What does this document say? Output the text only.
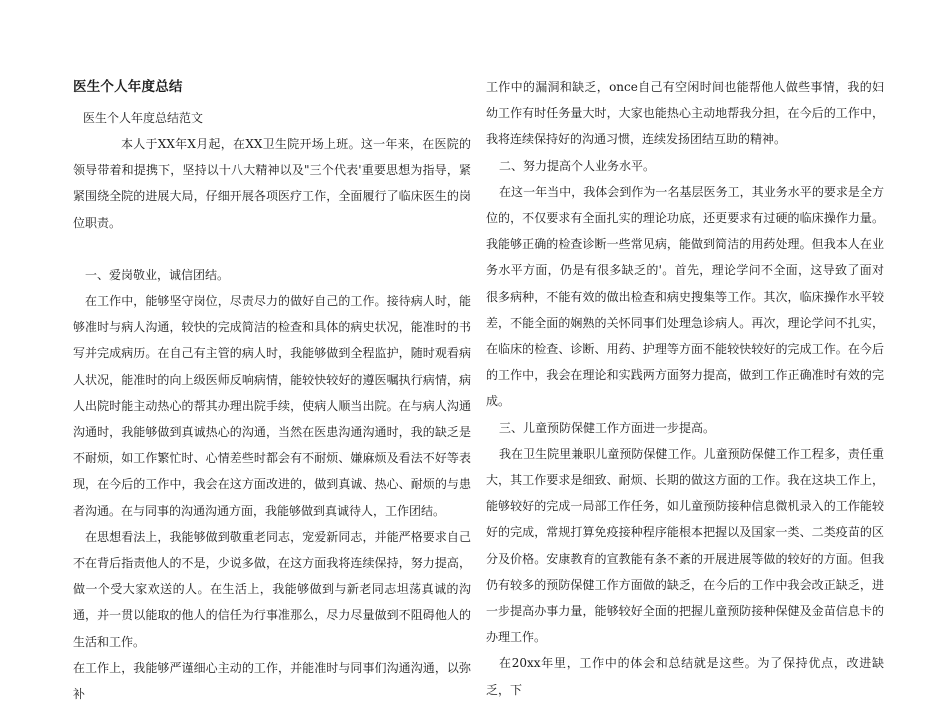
医生个人年度总结

医生个人年度总结范文

本人于XX年X月起，在XX卫生院开场上班。这一年来，在医院的领导带着和提携下，坚持以十八大精神以及"三个代表'重要思想为指导，紧紧围绕全院的进展大局，仔细开展各项医疗工作，全面履行了临床医生的岗位职责。

一、爱岗敬业，诚信团结。

在工作中，能够坚守岗位，尽责尽力的做好自己的工作。接待病人时，能够准时与病人沟通，较快的完成简洁的检查和具体的病史状况，能准时的书写并完成病历。在自己有主管的病人时，我能够做到全程监护，随时观看病人状况，能准时的向上级医师反响病情，能较快较好的遵医嘱执行病情，病人出院时能主动热心的帮其办理出院手续，使病人顺当出院。在与病人沟通沟通时，我能够做到真诚热心的沟通，当然在医患沟通沟通时，我的缺乏是不耐烦，如工作繁忙时、心情差些时都会有不耐烦、嫌麻烦及看法不好等表现，在今后的工作中，我会在这方面改进的，做到真诚、热心、耐烦的与患者沟通。在与同事的沟通沟通方面，我能够做到真诚待人，工作团结。

在思想看法上，我能够做到敬重老同志，宠爱新同志，并能严格要求自己不在背后指责他人的不是，少说多做，在这方面我将连续保持，努力提高，做一个受大家欢送的人。在生活上，我能够做到与新老同志坦荡真诚的沟通，并一贯以能取的他人的信任为行事准那么，尽力尽量做到不阻碍他人的生活和工作。

在工作上，我能够严谨细心主动的工作，并能准时与同事们沟通沟通，以弥补

工作中的漏洞和缺乏，once自己有空闲时间也能帮他人做些事情，我的妇幼工作有时任务量大时，大家也能热心主动地帮我分担，在今后的工作中，我将连续保持好的沟通习惯，连续发扬团结互助的精神。

二、努力提高个人业务水平。

在这一年当中，我体会到作为一名基层医务工，其业务水平的要求是全方位的，不仅要求有全面扎实的理论功底，还更要求有过硬的临床操作力量。我能够正确的检查诊断一些常见病，能做到简洁的用药处理。但我本人在业务水平方面，仍是有很多缺乏的'。首先，理论学问不全面，这导致了面对很多病种，不能有效的做出检查和病史搜集等工作。其次，临床操作水平较差，不能全面的娴熟的关怀同事们处理急诊病人。再次，理论学问不扎实，在临床的检查、诊断、用药、护理等方面不能较快较好的完成工作。在今后的工作中，我会在理论和实践两方面努力提高，做到工作正确准时有效的完成。

三、儿童预防保健工作方面进一步提高。

我在卫生院里兼职儿童预防保健工作。儿童预防保健工作工程多，责任重大，其工作要求是细致、耐烦、长期的做这方面的工作。我在这块工作上，能够较好的完成一局部工作任务，如儿童预防接种信息微机录入的工作能较好的完成，常规打算免疫接种程序能根本把握以及国家一类、二类疫苗的区分及价格。安康教育的宣教能有条不紊的开展进展等做的较好的方面。但我仍有较多的预防保健工作方面做的缺乏，在今后的工作中我会改正缺乏，进一步提高办事力量，能够较好全面的把握儿童预防接种保健及金苗信息卡的办理工作。

在20xx年里，工作中的体会和总结就是这些。为了保持优点，改进缺乏，下
